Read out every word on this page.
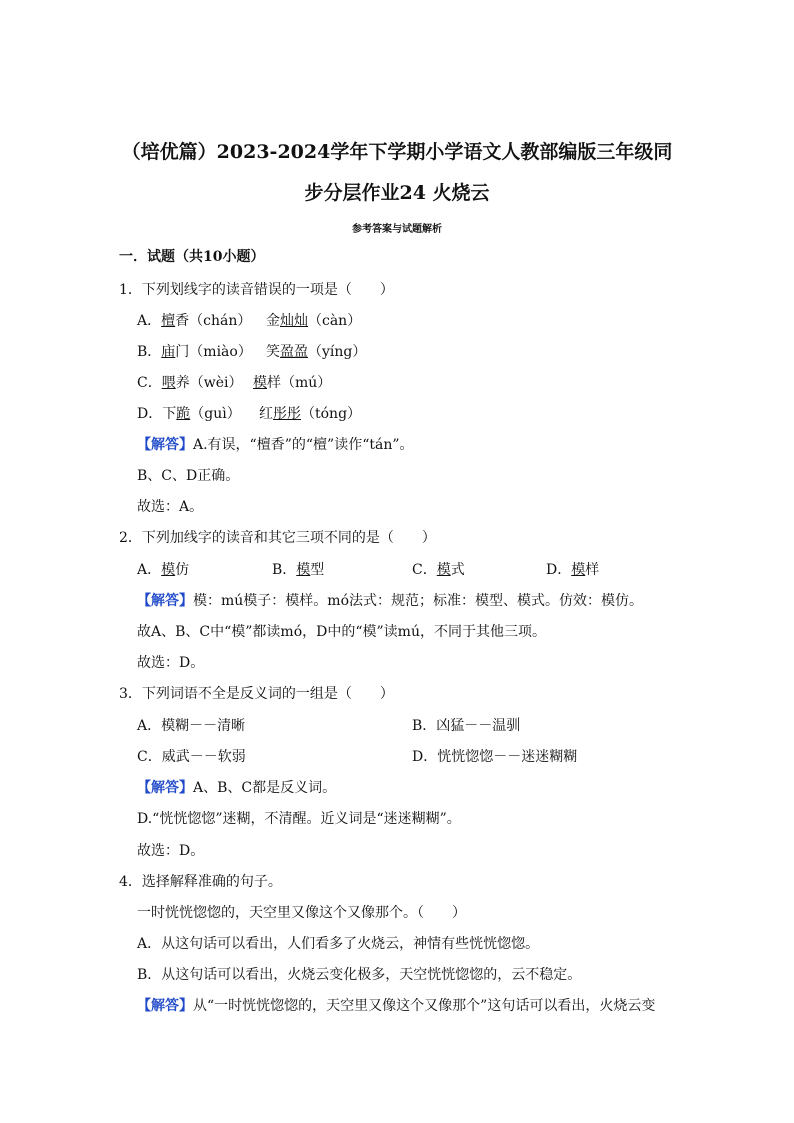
（培优篇）2023-2024学年下学期小学语文人教部编版三年级同
步分层作业24 火烧云
参考答案与试题解析
一．试题（共10小题）
1．下列划线字的读音错误的一项是（　　）
A．檀香（chán） 金灿灿（càn）
B．庙门（miào） 笑盈盈（yíng）
C．喂养（wèi） 模样（mú）
D．下跪（guì） 红彤彤（tóng）
【解答】A.有误，“檀香”的“檀”读作“tán”。
B、C、D正确。
故选：A。
2．下列加线字的读音和其它三项不同的是（　　）
A．模仿	B．模型	C．模式	D．模样
【解答】模：mú模子：模样。mó法式：规范；标准：模型、模式。仿效：模仿。
故A、B、C中“模”都读mó，D中的“模”读mú，不同于其他三项。
故选：D。
3．下列词语不全是反义词的一组是（　　）
A．模糊－－清晰	B．凶猛－－温驯
C．威武－－软弱	D．恍恍惚惚－－迷迷糊糊
【解答】A、B、C都是反义词。
D.“恍恍惚惚”迷糊，不清醒。近义词是“迷迷糊糊”。
故选：D。
4．选择解释准确的句子。
一时恍恍惚惚的，天空里又像这个又像那个。（　　）
A．从这句话可以看出，人们看多了火烧云，神情有些恍恍惚惚。
B．从这句话可以看出，火烧云变化极多，天空恍恍惚惚的，云不稳定。
【解答】从“一时恍恍惚惚的，天空里又像这个又像那个”这句话可以看出，火烧云变
